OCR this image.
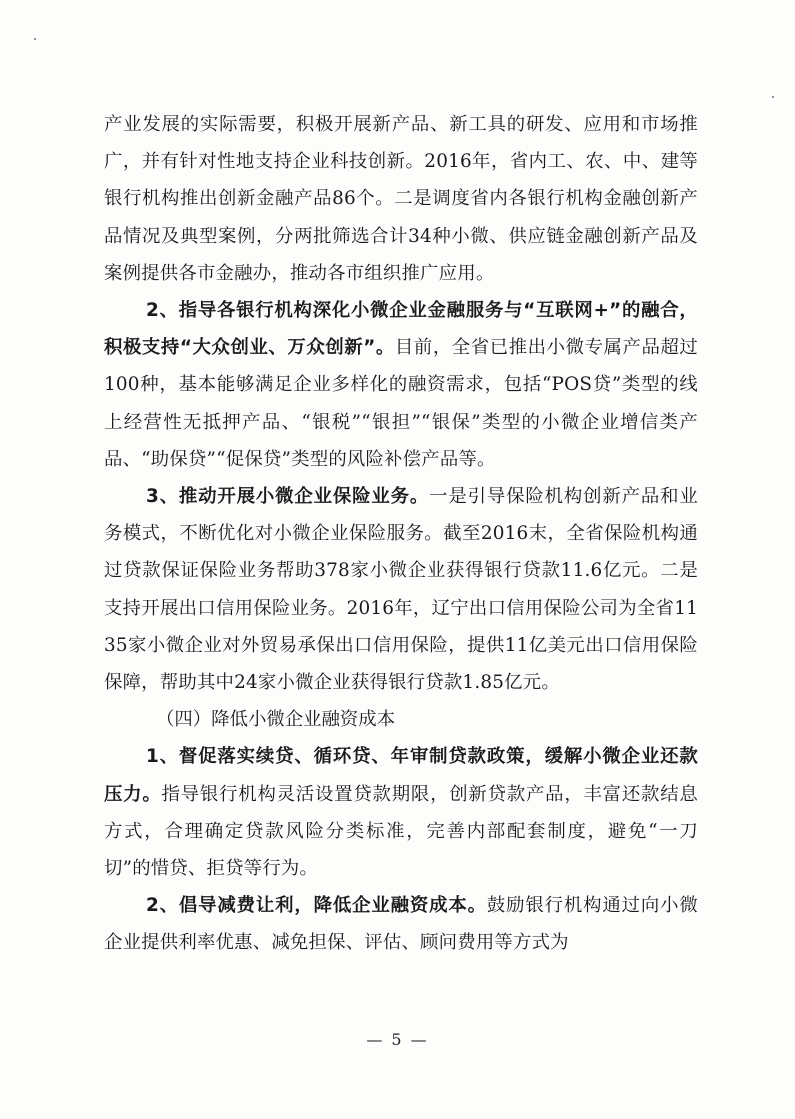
产业发展的实际需要，积极开展新产品、新工具的研发、应用和市场推广，并有针对性地支持企业科技创新。2016年，省内工、农、中、建等银行机构推出创新金融产品86个。二是调度省内各银行机构金融创新产品情况及典型案例，分两批筛选合计34种小微、供应链金融创新产品及案例提供各市金融办，推动各市组织推广应用。

2、指导各银行机构深化小微企业金融服务与“互联网+”的融合，积极支持“大众创业、万众创新”。目前，全省已推出小微专属产品超过100种，基本能够满足企业多样化的融资需求，包括“POS贷”类型的线上经营性无抵押产品、“银税”“银担”“银保”类型的小微企业增信类产品、“助保贷”“促保贷”类型的风险补偿产品等。

3、推动开展小微企业保险业务。一是引导保险机构创新产品和业务模式，不断优化对小微企业保险服务。截至2016末，全省保险机构通过贷款保证保险业务帮助378家小微企业获得银行贷款11.6亿元。二是支持开展出口信用保险业务。2016年，辽宁出口信用保险公司为全省1135家小微企业对外贸易承保出口信用保险，提供11亿美元出口信用保险保障，帮助其中24家小微企业获得银行贷款1.85亿元。

（四）降低小微企业融资成本

1、督促落实续贷、循环贷、年审制贷款政策，缓解小微企业还款压力。指导银行机构灵活设置贷款期限，创新贷款产品，丰富还款结息方式，合理确定贷款风险分类标准，完善内部配套制度，避免“一刀切”的惜贷、拒贷等行为。

2、倡导减费让利，降低企业融资成本。鼓励银行机构通过向小微企业提供利率优惠、减免担保、评估、顾问费用等方式为

— 5 —
